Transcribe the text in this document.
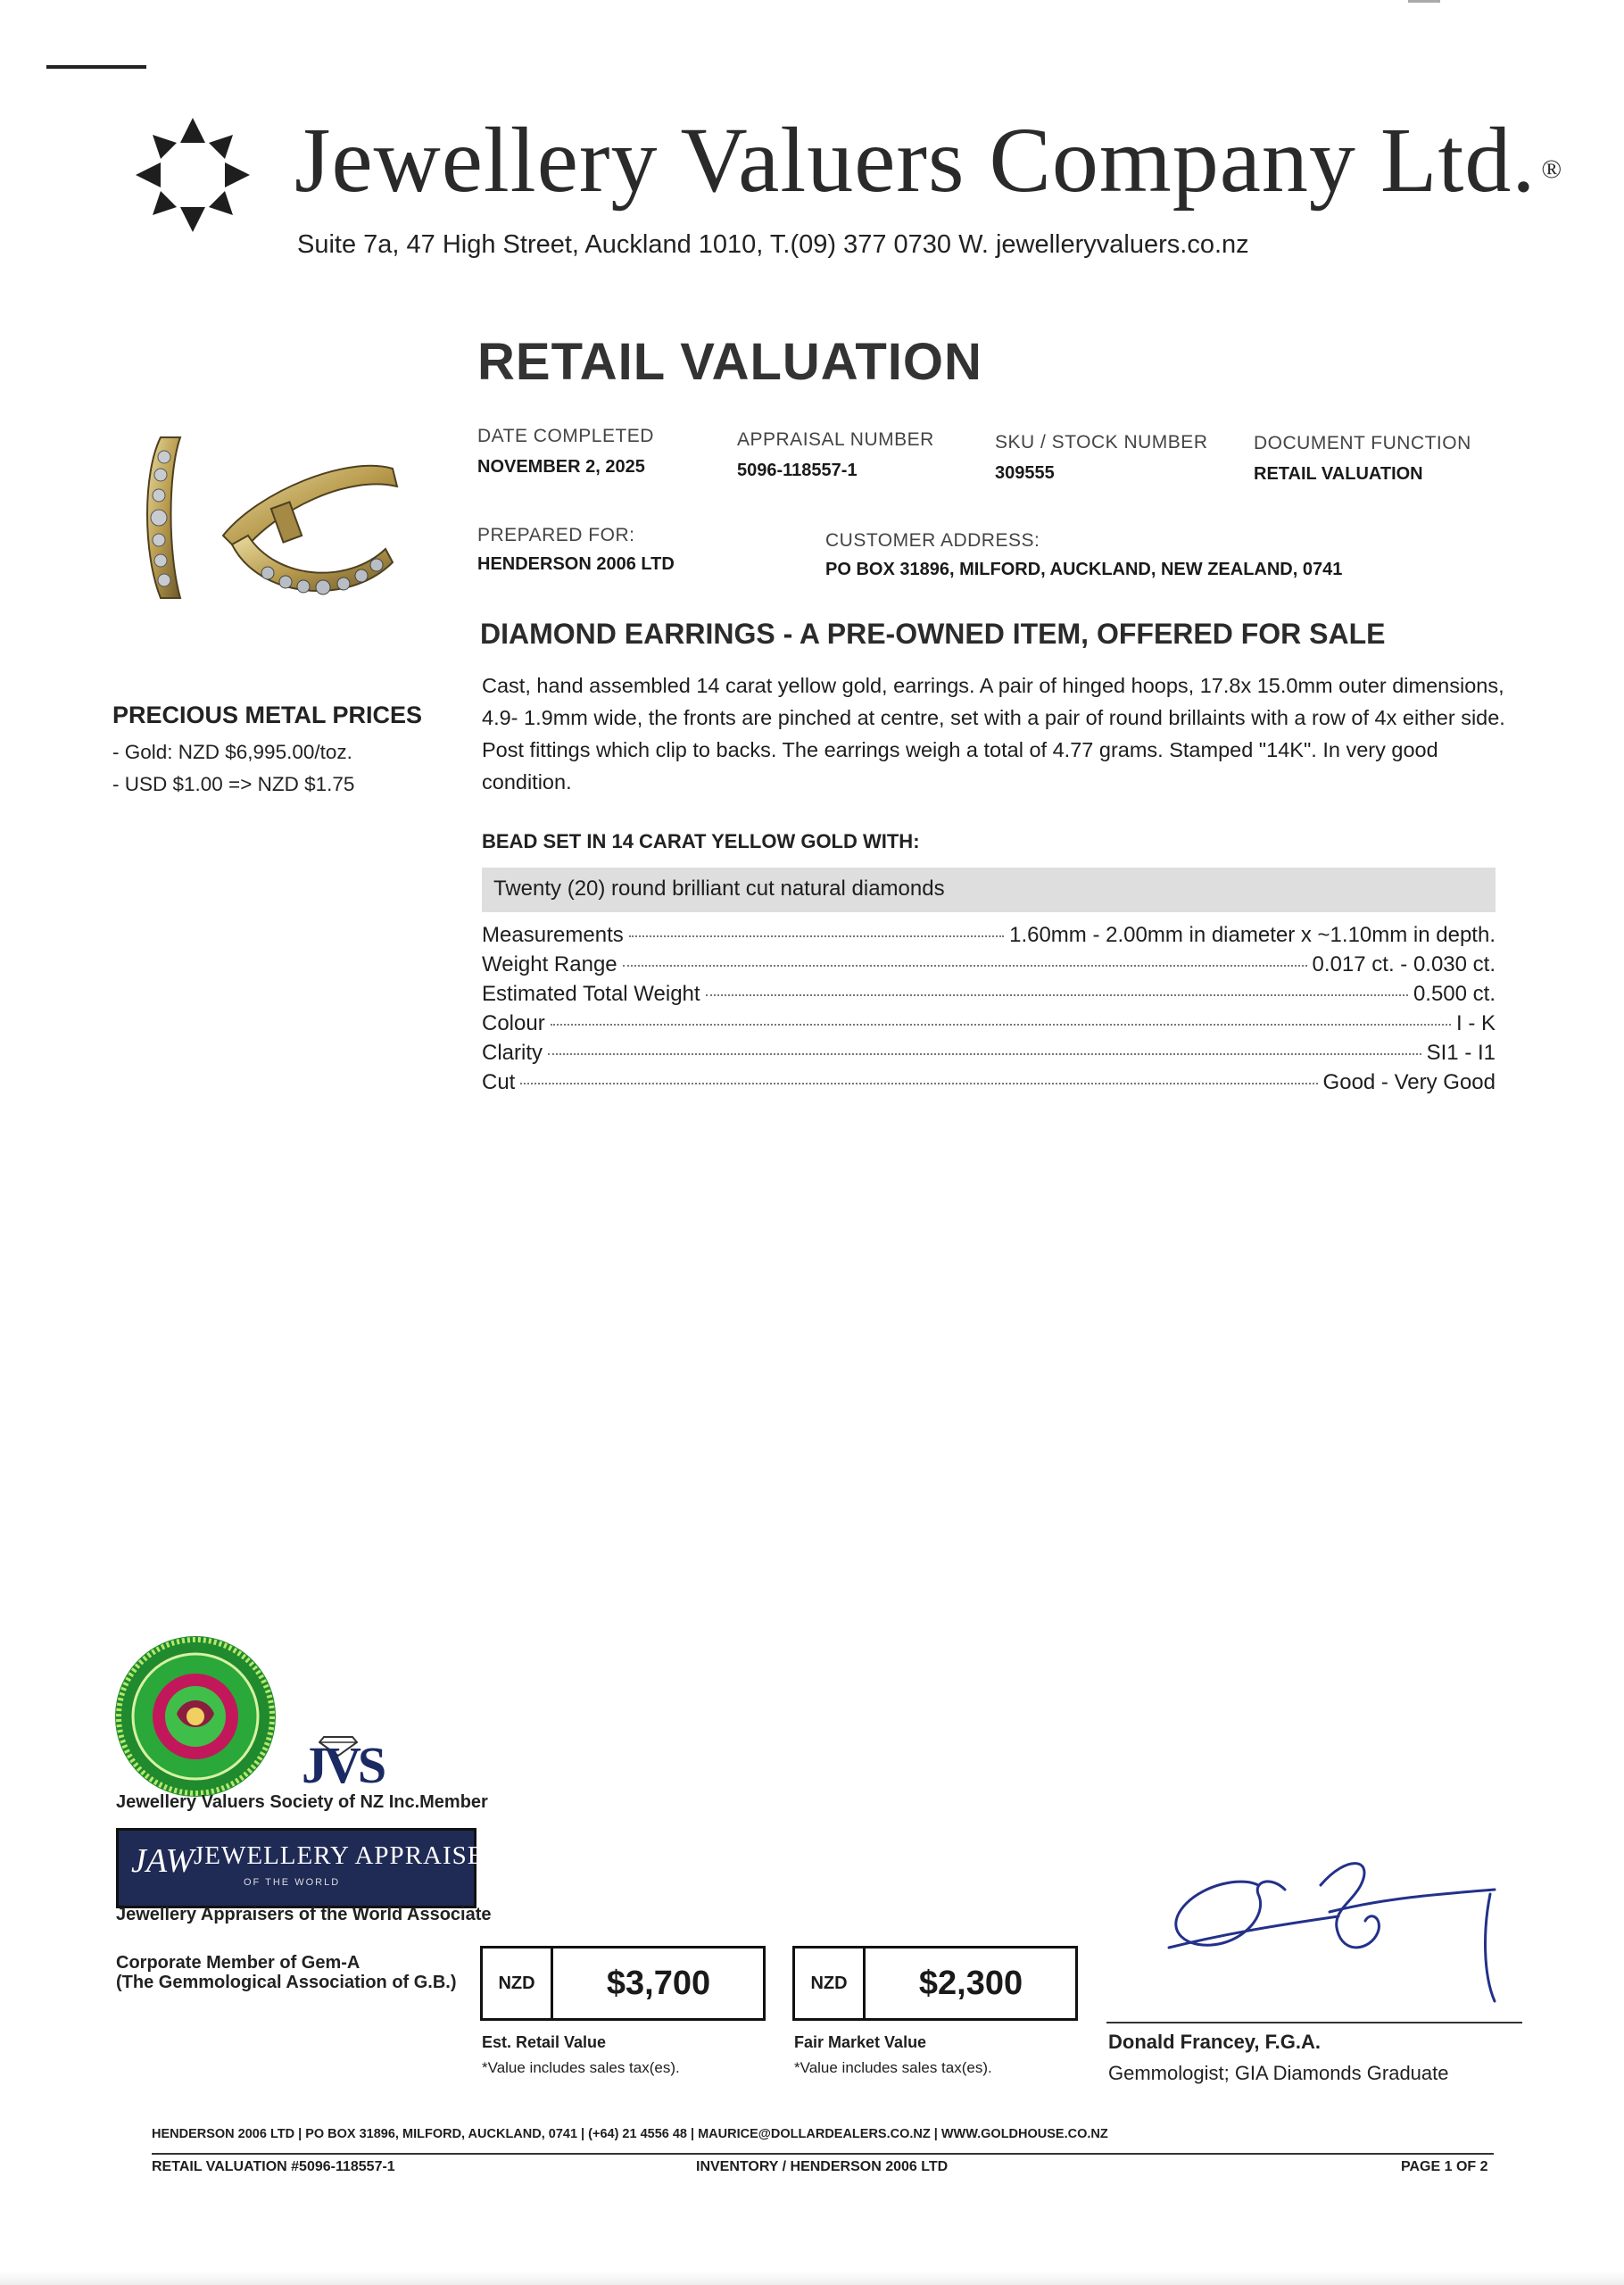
Jewellery Valuers Company Ltd. ®
Suite 7a, 47 High Street, Auckland 1010, T.(09) 377 0730 W. jewelleryvaluers.co.nz
RETAIL VALUATION
DATE COMPLETED
NOVEMBER 2, 2025
APPRAISAL NUMBER
5096-118557-1
SKU / STOCK NUMBER
309555
DOCUMENT FUNCTION
RETAIL VALUATION
PREPARED FOR:
HENDERSON 2006 LTD
CUSTOMER ADDRESS:
PO BOX 31896, MILFORD, AUCKLAND, NEW ZEALAND, 0741
DIAMOND EARRINGS - A PRE-OWNED ITEM, OFFERED FOR SALE
Cast, hand assembled 14 carat yellow gold, earrings. A pair of hinged hoops, 17.8x 15.0mm outer dimensions, 4.9- 1.9mm wide, the fronts are pinched at centre, set with a pair of round brillaints with a row of 4x either side. Post fittings which clip to backs. The earrings weigh a total of 4.77 grams. Stamped "14K". In very good condition.
PRECIOUS METAL PRICES
- Gold: NZD $6,995.00/toz.
- USD $1.00 => NZD $1.75
BEAD SET IN 14 CARAT YELLOW GOLD WITH:
Twenty (20) round brilliant cut natural diamonds
Measurements	1.60mm - 2.00mm in diameter x ~1.10mm in depth.
Weight Range	0.017 ct. - 0.030 ct.
Estimated Total Weight	0.500 ct.
Colour	I - K
Clarity	SI1 - I1
Cut	Good - Very Good
JVS
Jewellery Valuers Society of NZ Inc.Member
JAW JEWELLERY APPRAISERS
OF THE WORLD
Jewellery Appraisers of the World Associate
Corporate Member of Gem-A
(The Gemmological Association of G.B.)	NZD	$3,700
Est. Retail Value
*Value includes sales tax(es).
NZD	$2,300
Fair Market Value
*Value includes sales tax(es).
Donald Francey, F.G.A.
Gemmologist; GIA Diamonds Graduate
HENDERSON 2006 LTD | PO BOX 31896, MILFORD, AUCKLAND, 0741 | (+64) 21 4556 48 | MAURICE@DOLLARDEALERS.CO.NZ | WWW.GOLDHOUSE.CO.NZ
RETAIL VALUATION #5096-118557-1	INVENTORY / HENDERSON 2006 LTD	PAGE 1 OF 2
